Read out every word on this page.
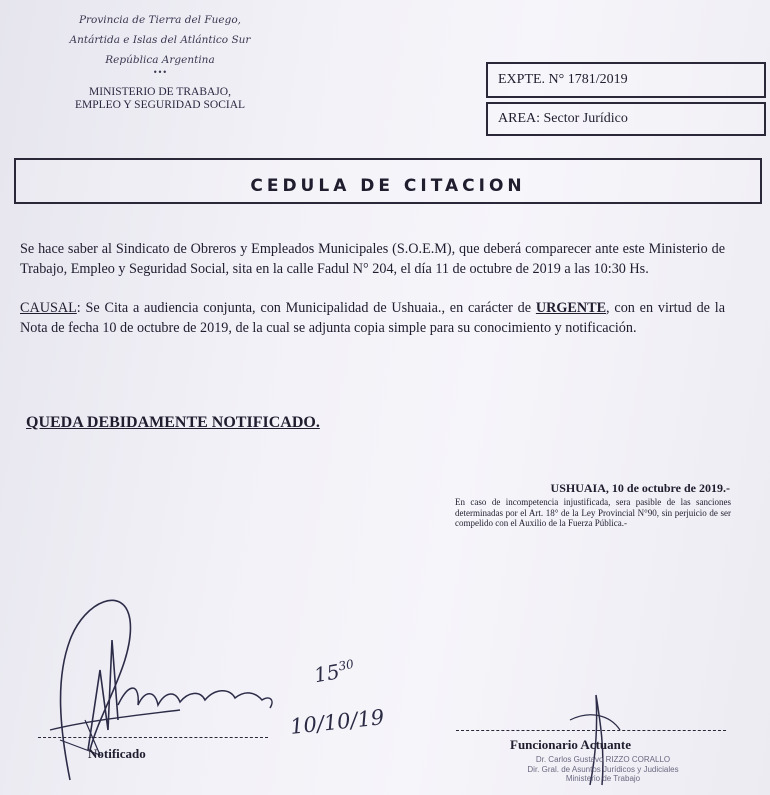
Provincia de Tierra del Fuego,
Antártida e Islas del Atlántico Sur
República Argentina
•••
MINISTERIO DE TRABAJO,
EMPLEO Y SEGURIDAD SOCIAL
EXPTE. N° 1781/2019
AREA: Sector Jurídico
CEDULA DE CITACION
Se hace saber al Sindicato de Obreros y Empleados Municipales (S.O.E.M), que deberá comparecer ante este Ministerio de Trabajo, Empleo y Seguridad Social, sita en la calle Fadul N° 204, el día 11 de octubre de 2019 a las 10:30 Hs.
CAUSAL: Se Cita a audiencia conjunta, con Municipalidad de Ushuaia., en carácter de URGENTE, con en virtud de la Nota de fecha 10 de octubre de 2019, de la cual se adjunta copia simple para su conocimiento y notificación.
QUEDA DEBIDAMENTE NOTIFICADO.
USHUAIA, 10 de octubre de 2019.-
En caso de incompetencia injustificada, sera pasible de las sanciones determinadas por el Art. 18° de la Ley Provincial N°90, sin perjuicio de ser compelido con el Auxilio de la Fuerza Pública.-
$15^{30}$
10/10/19
Notificado
Funcionario Actuante
Dr. Carlos Gustavo RIZZO CORALLO
Dir. Gral. de Asuntos Jurídicos y Judiciales
Ministerio de Trabajo
